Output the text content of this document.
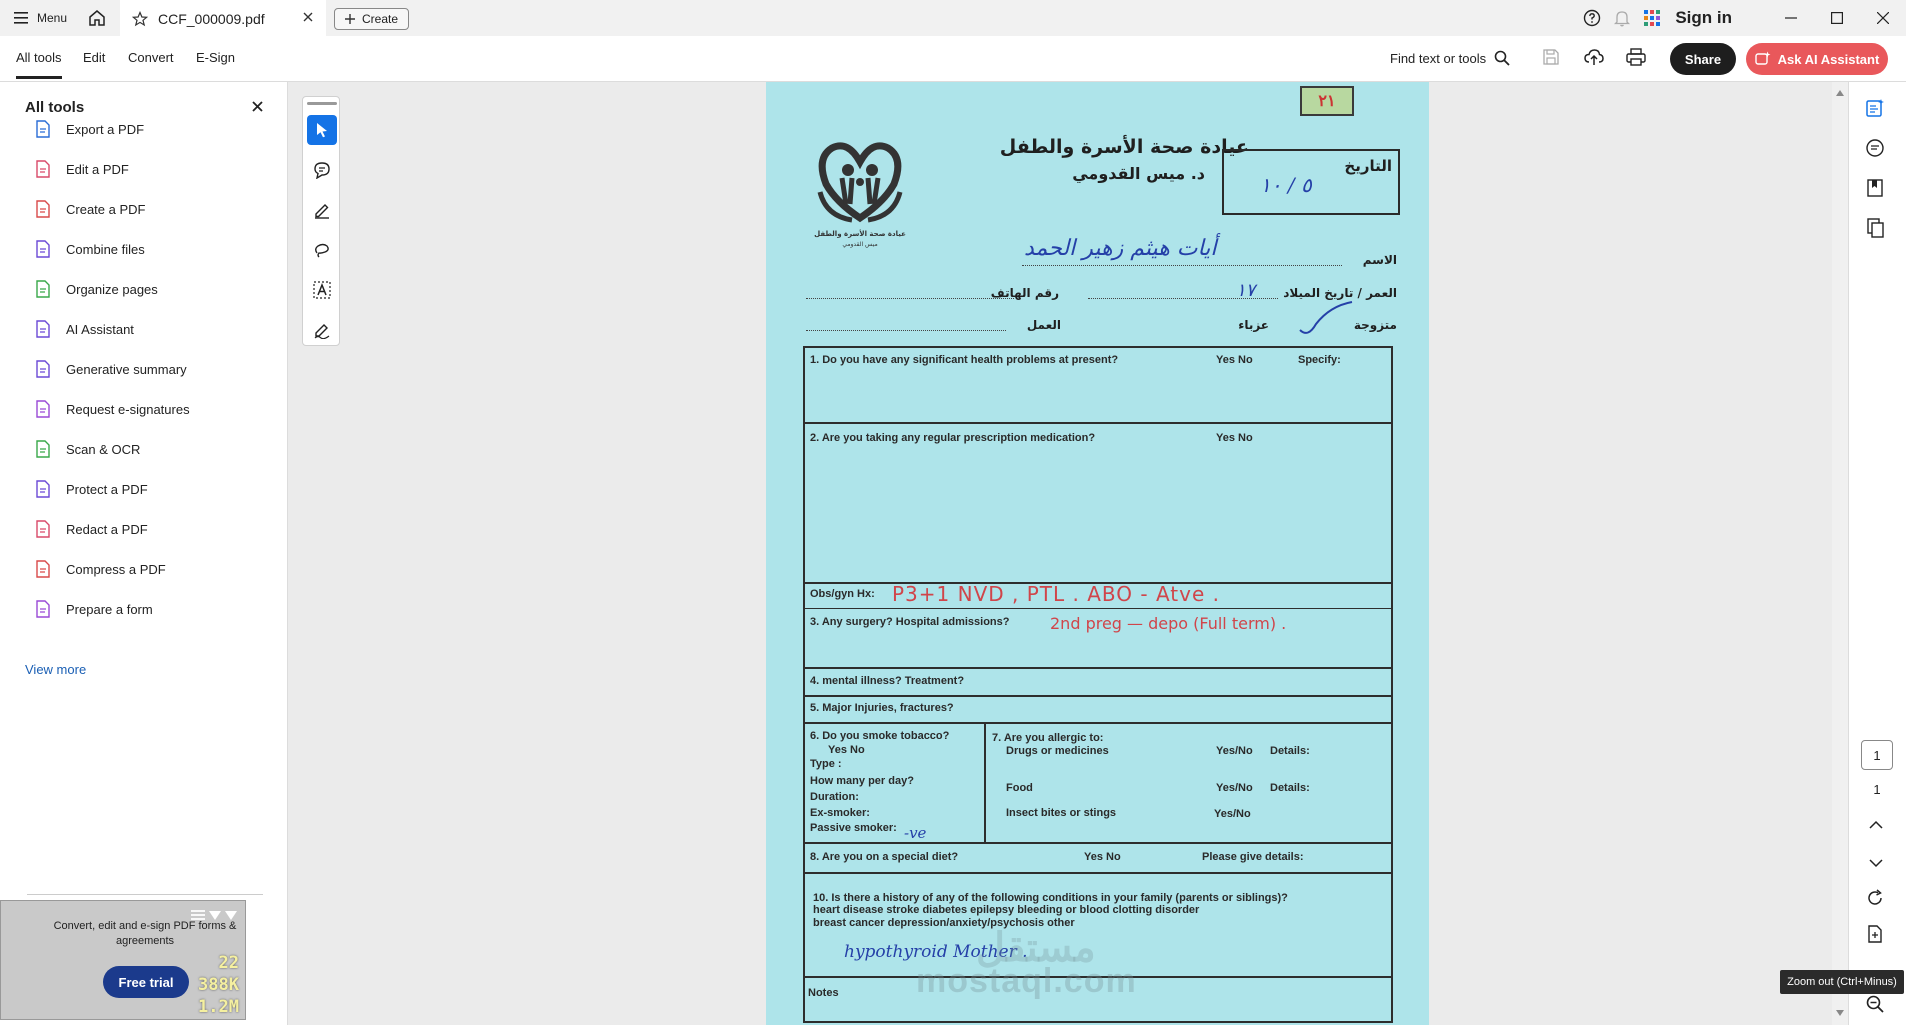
Menu	CCF_000009.pdf	Create	Sign in
All tools Edit Convert E-Sign	Find text or tools	Share	Ask AI Assistant
All tools
Export a PDF
Edit a PDF
Create a PDF
Combine files
Organize pages
AI Assistant
Generative summary
Request e-signatures
Scan & OCR
Protect a PDF
Redact a PDF
Compress a PDF
Prepare a form
View more
Convert, edit and e-sign PDF forms & agreements
Free trial
22
388K
1.2M
٢١
عيادة صحة الأسرة والطفل
ميس القدومي
عيادة صحة الأسرة والطفل
د. ميس القدومي	التاريخ
٥ / ١٠
الاسم
أيات هيثم زهير الحمد
العمر / تاريخ الميلاد
١٧
رقم الهاتف
متزوجة
عزباء
العمل
1. Do you have any significant health problems at present?	Yes No	Specify:
2. Are you taking any regular prescription medication?	Yes No
Obs/gyn Hx: P3+1 NVD , PTL . ABO - Atve .
3. Any surgery? Hospital admissions?	2nd preg — depo (Full term) .
4. mental illness? Treatment?
5. Major Injuries, fractures?
6. Do you smoke tobacco?
Yes No
Type :
How many per day?
Duration:
Ex-smoker:
Passive smoker: -ve
7. Are you allergic to:
Drugs or medicines	Yes/No Details:
Food	Yes/No Details:
Insect bites or stings	Yes/No
8. Are you on a special diet?	Yes No	Please give details:
10. Is there a history of any of the following conditions in your family (parents or siblings)?
heart disease stroke diabetes epilepsy bleeding or blood clotting disorder
breast cancer depression/anxiety/psychosis other
hypothyroid Mother .
Notes
مستقل
mostaql.com
1
1
Zoom out (Ctrl+Minus)
